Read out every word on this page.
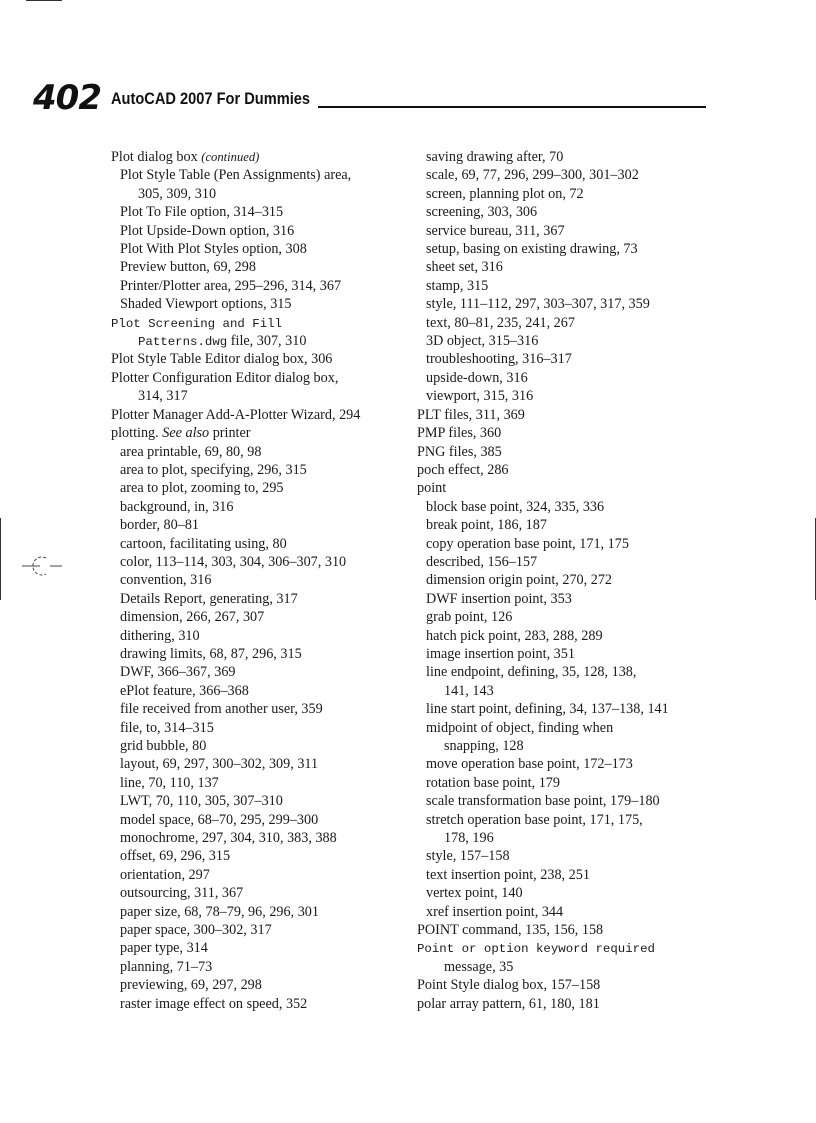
402 AutoCAD 2007 For Dummies
Plot dialog box (continued)
Plot Style Table (Pen Assignments) area,
305, 309, 310
Plot To File option, 314–315
Plot Upside-Down option, 316
Plot With Plot Styles option, 308
Preview button, 69, 298
Printer/Plotter area, 295–296, 314, 367
Shaded Viewport options, 315
Plot Screening and Fill
Patterns.dwg file, 307, 310
Plot Style Table Editor dialog box, 306
Plotter Configuration Editor dialog box,
314, 317
Plotter Manager Add-A-Plotter Wizard, 294
plotting. See also printer
area printable, 69, 80, 98
area to plot, specifying, 296, 315
area to plot, zooming to, 295
background, in, 316
border, 80–81
cartoon, facilitating using, 80
color, 113–114, 303, 304, 306–307, 310
convention, 316
Details Report, generating, 317
dimension, 266, 267, 307
dithering, 310
drawing limits, 68, 87, 296, 315
DWF, 366–367, 369
ePlot feature, 366–368
file received from another user, 359
file, to, 314–315
grid bubble, 80
layout, 69, 297, 300–302, 309, 311
line, 70, 110, 137
LWT, 70, 110, 305, 307–310
model space, 68–70, 295, 299–300
monochrome, 297, 304, 310, 383, 388
offset, 69, 296, 315
orientation, 297
outsourcing, 311, 367
paper size, 68, 78–79, 96, 296, 301
paper space, 300–302, 317
paper type, 314
planning, 71–73
previewing, 69, 297, 298
raster image effect on speed, 352
saving drawing after, 70
scale, 69, 77, 296, 299–300, 301–302
screen, planning plot on, 72
screening, 303, 306
service bureau, 311, 367
setup, basing on existing drawing, 73
sheet set, 316
stamp, 315
style, 111–112, 297, 303–307, 317, 359
text, 80–81, 235, 241, 267
3D object, 315–316
troubleshooting, 316–317
upside-down, 316
viewport, 315, 316
PLT files, 311, 369
PMP files, 360
PNG files, 385
poch effect, 286
point
block base point, 324, 335, 336
break point, 186, 187
copy operation base point, 171, 175
described, 156–157
dimension origin point, 270, 272
DWF insertion point, 353
grab point, 126
hatch pick point, 283, 288, 289
image insertion point, 351
line endpoint, defining, 35, 128, 138,
141, 143
line start point, defining, 34, 137–138, 141
midpoint of object, finding when
snapping, 128
move operation base point, 172–173
rotation base point, 179
scale transformation base point, 179–180
stretch operation base point, 171, 175,
178, 196
style, 157–158
text insertion point, 238, 251
vertex point, 140
xref insertion point, 344
POINT command, 135, 156, 158
Point or option keyword required
message, 35
Point Style dialog box, 157–158
polar array pattern, 61, 180, 181
